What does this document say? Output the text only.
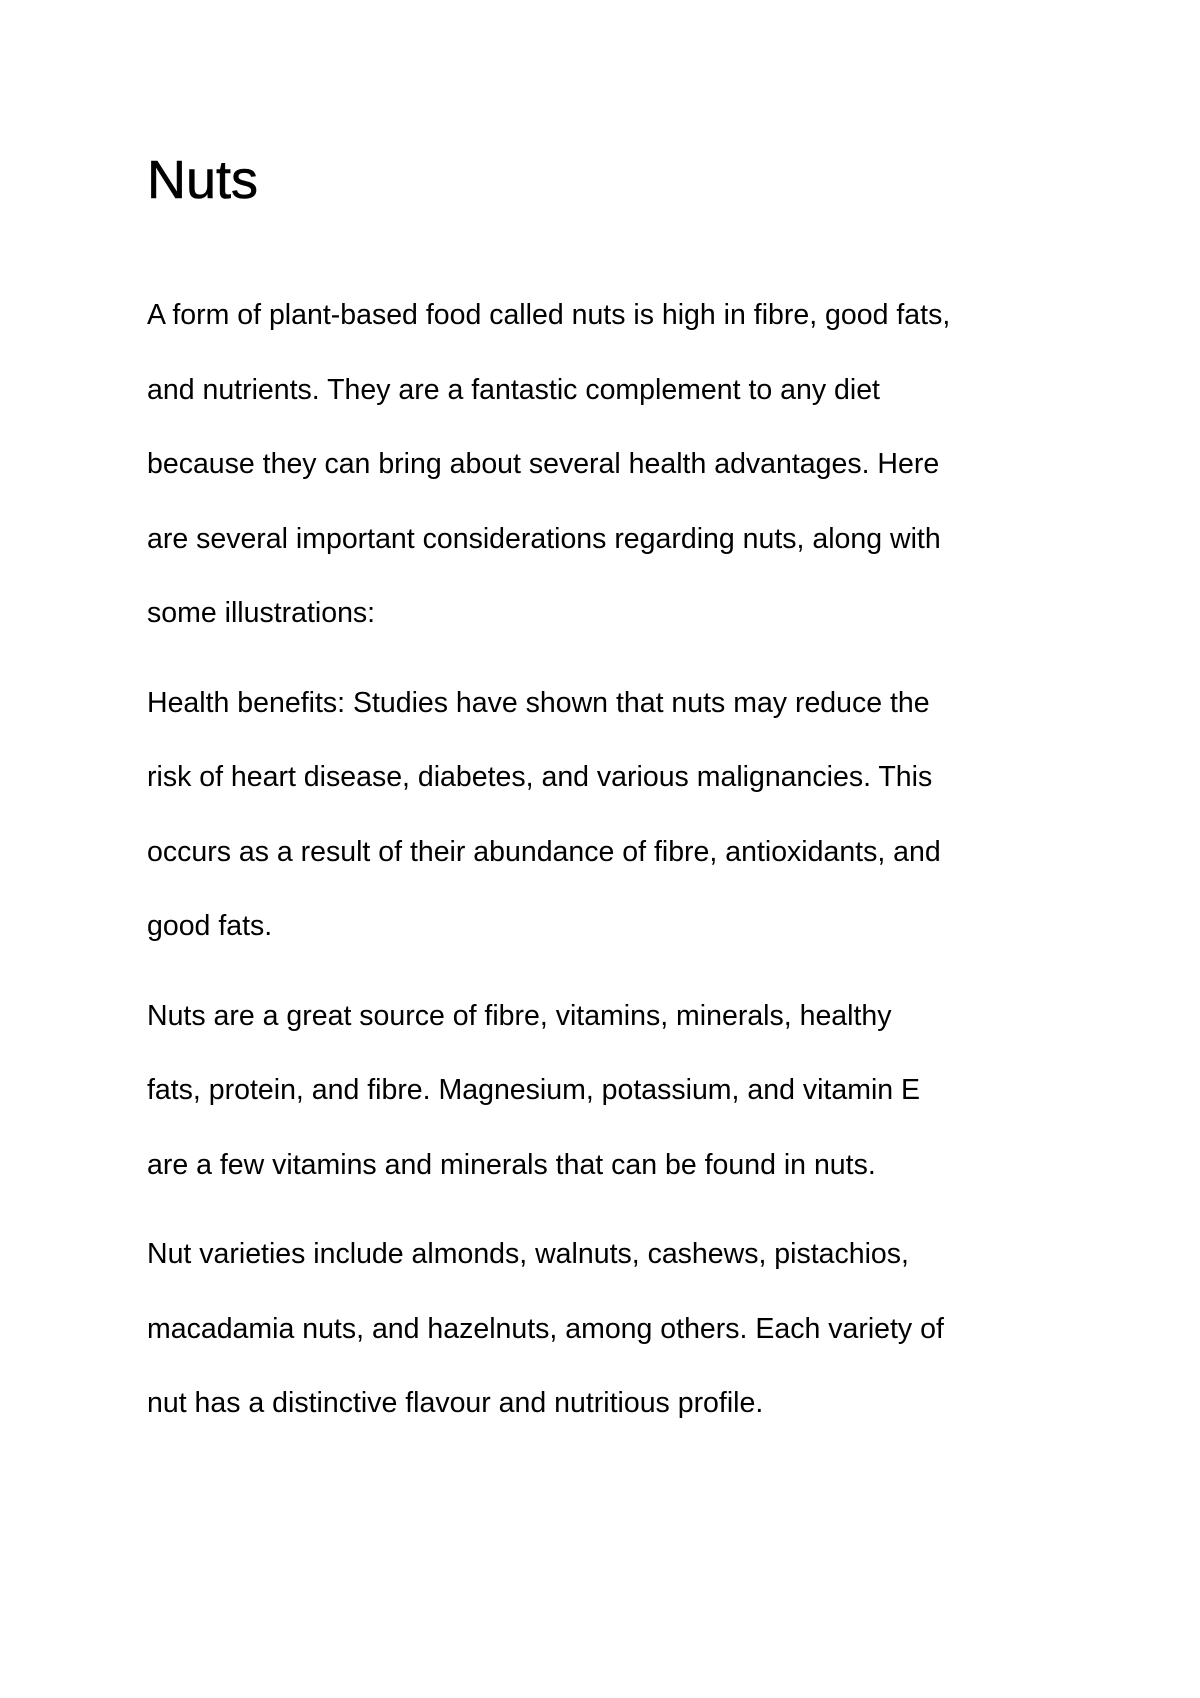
Nuts

A form of plant-based food called nuts is high in fibre, good fats,
and nutrients. They are a fantastic complement to any diet
because they can bring about several health advantages. Here
are several important considerations regarding nuts, along with
some illustrations:

Health benefits: Studies have shown that nuts may reduce the
risk of heart disease, diabetes, and various malignancies. This
occurs as a result of their abundance of fibre, antioxidants, and
good fats.

Nuts are a great source of fibre, vitamins, minerals, healthy
fats, protein, and fibre. Magnesium, potassium, and vitamin E
are a few vitamins and minerals that can be found in nuts.

Nut varieties include almonds, walnuts, cashews, pistachios,
macadamia nuts, and hazelnuts, among others. Each variety of
nut has a distinctive flavour and nutritious profile.
